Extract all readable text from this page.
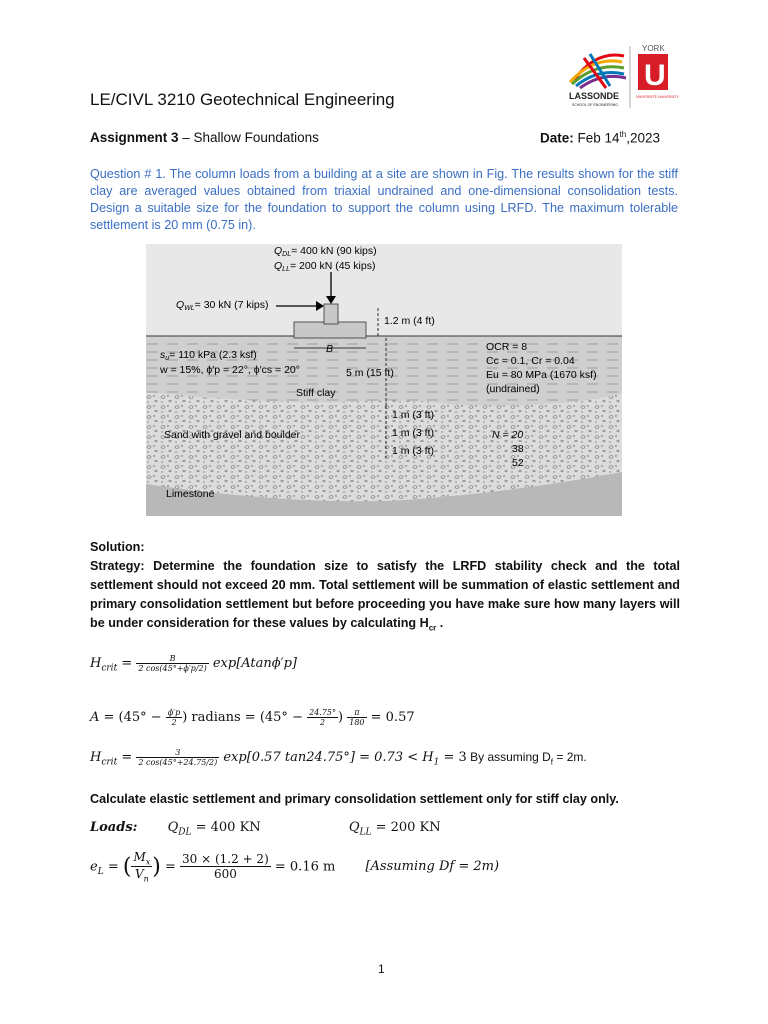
LASSONDE
SCHOOL OF ENGINEERING
YORK
U
UNIVERSITÉ UNIVERSITY
LE/CIVL 3210 Geotechnical Engineering
Assignment 3 – Shallow Foundations	Date: Feb 14th,2023
Question # 1. The column loads from a building at a site are shown in Fig. The results shown for the stiff clay are averaged values obtained from triaxial undrained and one-dimensional consolidation tests. Design a suitable size for the foundation to support the column using LRFD. The maximum tolerable settlement is 20 mm (0.75 in).
QDL= 400 kN (90 kips)
QLL= 200 kN (45 kips)
QWL= 30 kN (7 kips)
1.2 m (4 ft)
B
su= 110 kPa (2.3 ksf)
w = 15%, ϕ′p = 22°, ϕ′cs = 20°
Sand with gravel and boulder
Stiff clay
5 m (15 ft)
OCR = 8
Cc = 0.1, Cr = 0.04
Eu = 80 MPa (1670 ksf)
(undrained)
1 m (3 ft)
1 m (3 ft)
1 m (3 ft)
N = 20
38
52
Limestone
Solution:
Strategy: Determine the foundation size to satisfy the LRFD stability check and the total settlement should not exceed 20 mm. Total settlement will be summation of elastic settlement and primary consolidation settlement but before proceeding you have make sure how many layers will be under consideration for these values by calculating $H_{cr}$ .
$H_{crit} = \frac{B}{2 \cos(45^\circ+\phi'p/2)} \exp[Atan\phi'p]$
$A = (45^\circ - \frac{\phi'p}{2}$ ) radians = ($45^\circ - \frac{24.75^\circ}{2}$ ) $\frac{\pi}{180} = 0.57$
$H_{crit} = \frac{3}{2 \cos(45^\circ+24.75/2)} \exp[0.57$ $\tan 24.75^\circ] = 0.73 < H_1 = 3$ By assuming $D_f = 2m$.
Calculate elastic settlement and primary consolidation settlement only for stiff clay only.
Loads: $Q_{DL} = 400$ KN	$Q_{LL} = 200$ KN
$e_L$ = ( $\frac{M_x}{V_n}$ ) = $\frac{30 \times (1.2 + 2)}{600} = 0.16$ m [Assuming Df = 2m)
1
